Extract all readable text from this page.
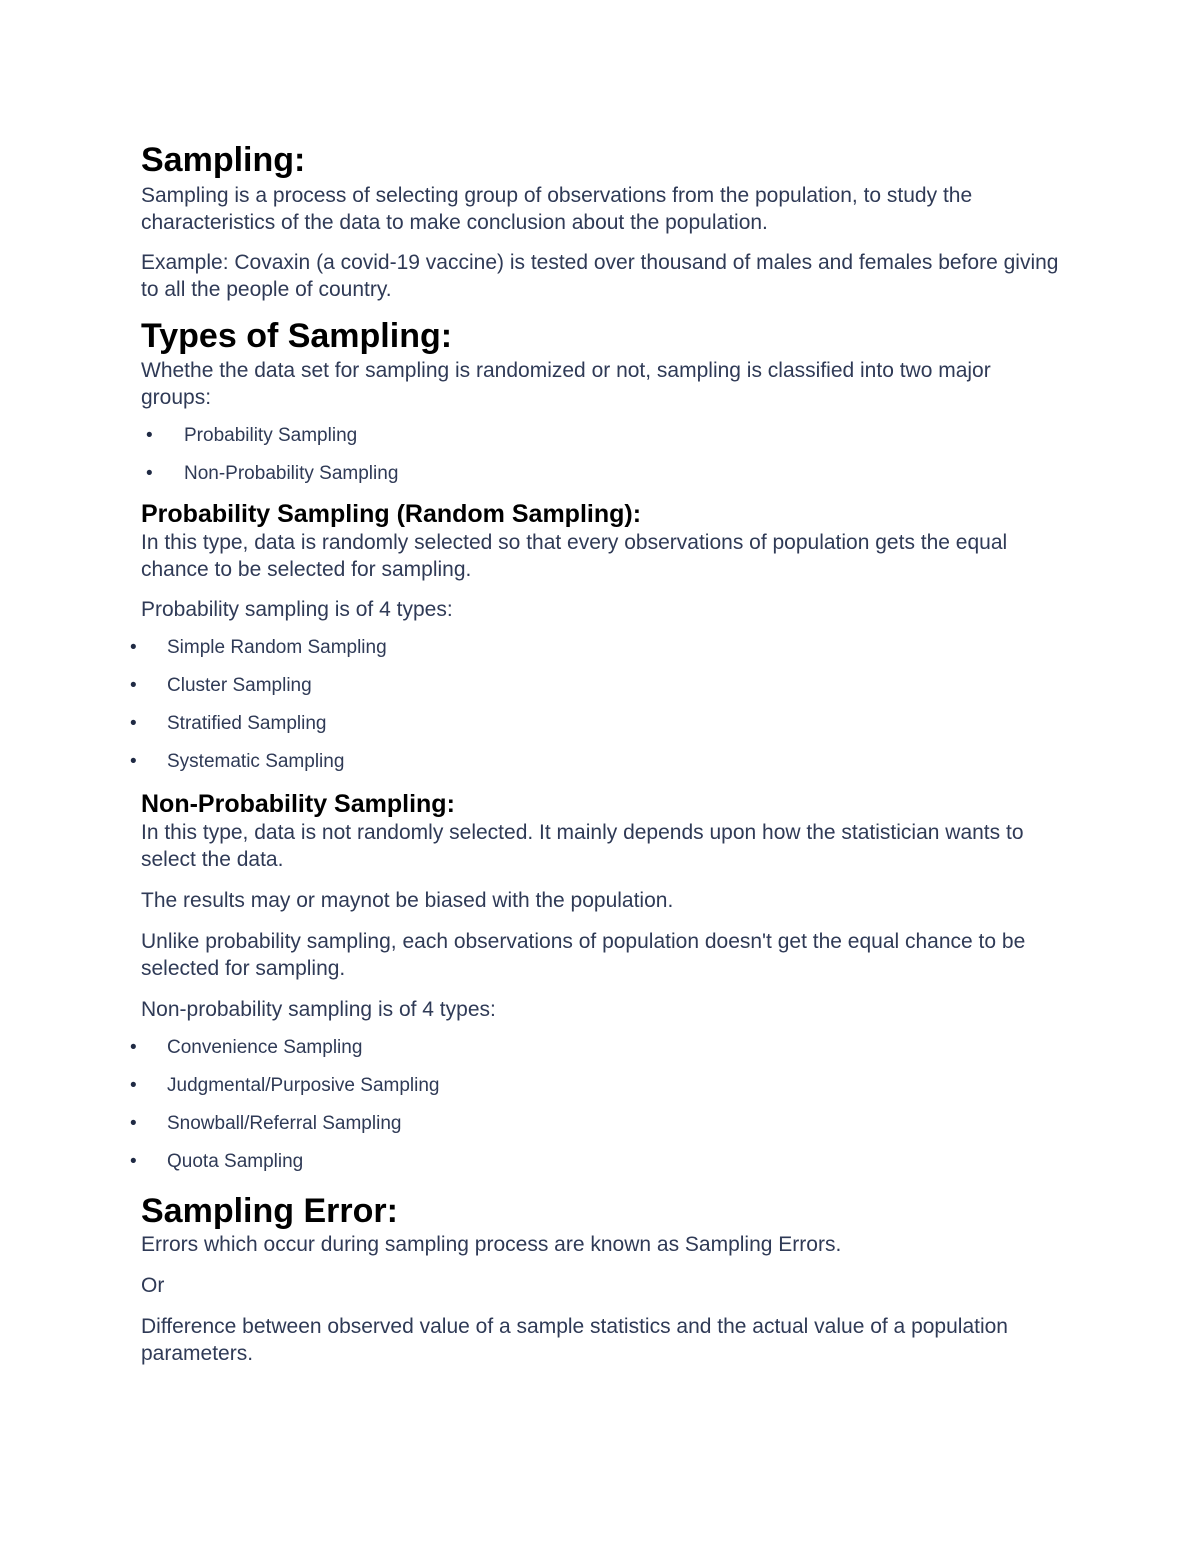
Sampling:

Sampling is a process of selecting group of observations from the population, to study the characteristics of the data to make conclusion about the population.

Example: Covaxin (a covid-19 vaccine) is tested over thousand of males and females before giving to all the people of country.

Types of Sampling:

Whethe the data set for sampling is randomized or not, sampling is classified into two major groups:

• Probability Sampling
• Non-Probability Sampling
Probability Sampling (Random Sampling):

In this type, data is randomly selected so that every observations of population gets the equal chance to be selected for sampling.

Probability sampling is of 4 types:

• Simple Random Sampling
• Cluster Sampling
• Stratified Sampling
• Systematic Sampling
Non-Probability Sampling:

In this type, data is not randomly selected. It mainly depends upon how the statistician wants to select the data.

The results may or maynot be biased with the population.

Unlike probability sampling, each observations of population doesn't get the equal chance to be selected for sampling.

Non-probability sampling is of 4 types:

• Convenience Sampling
• Judgmental/Purposive Sampling
• Snowball/Referral Sampling
• Quota Sampling
Sampling Error:

Errors which occur during sampling process are known as Sampling Errors.

Or

Difference between observed value of a sample statistics and the actual value of a population parameters.
